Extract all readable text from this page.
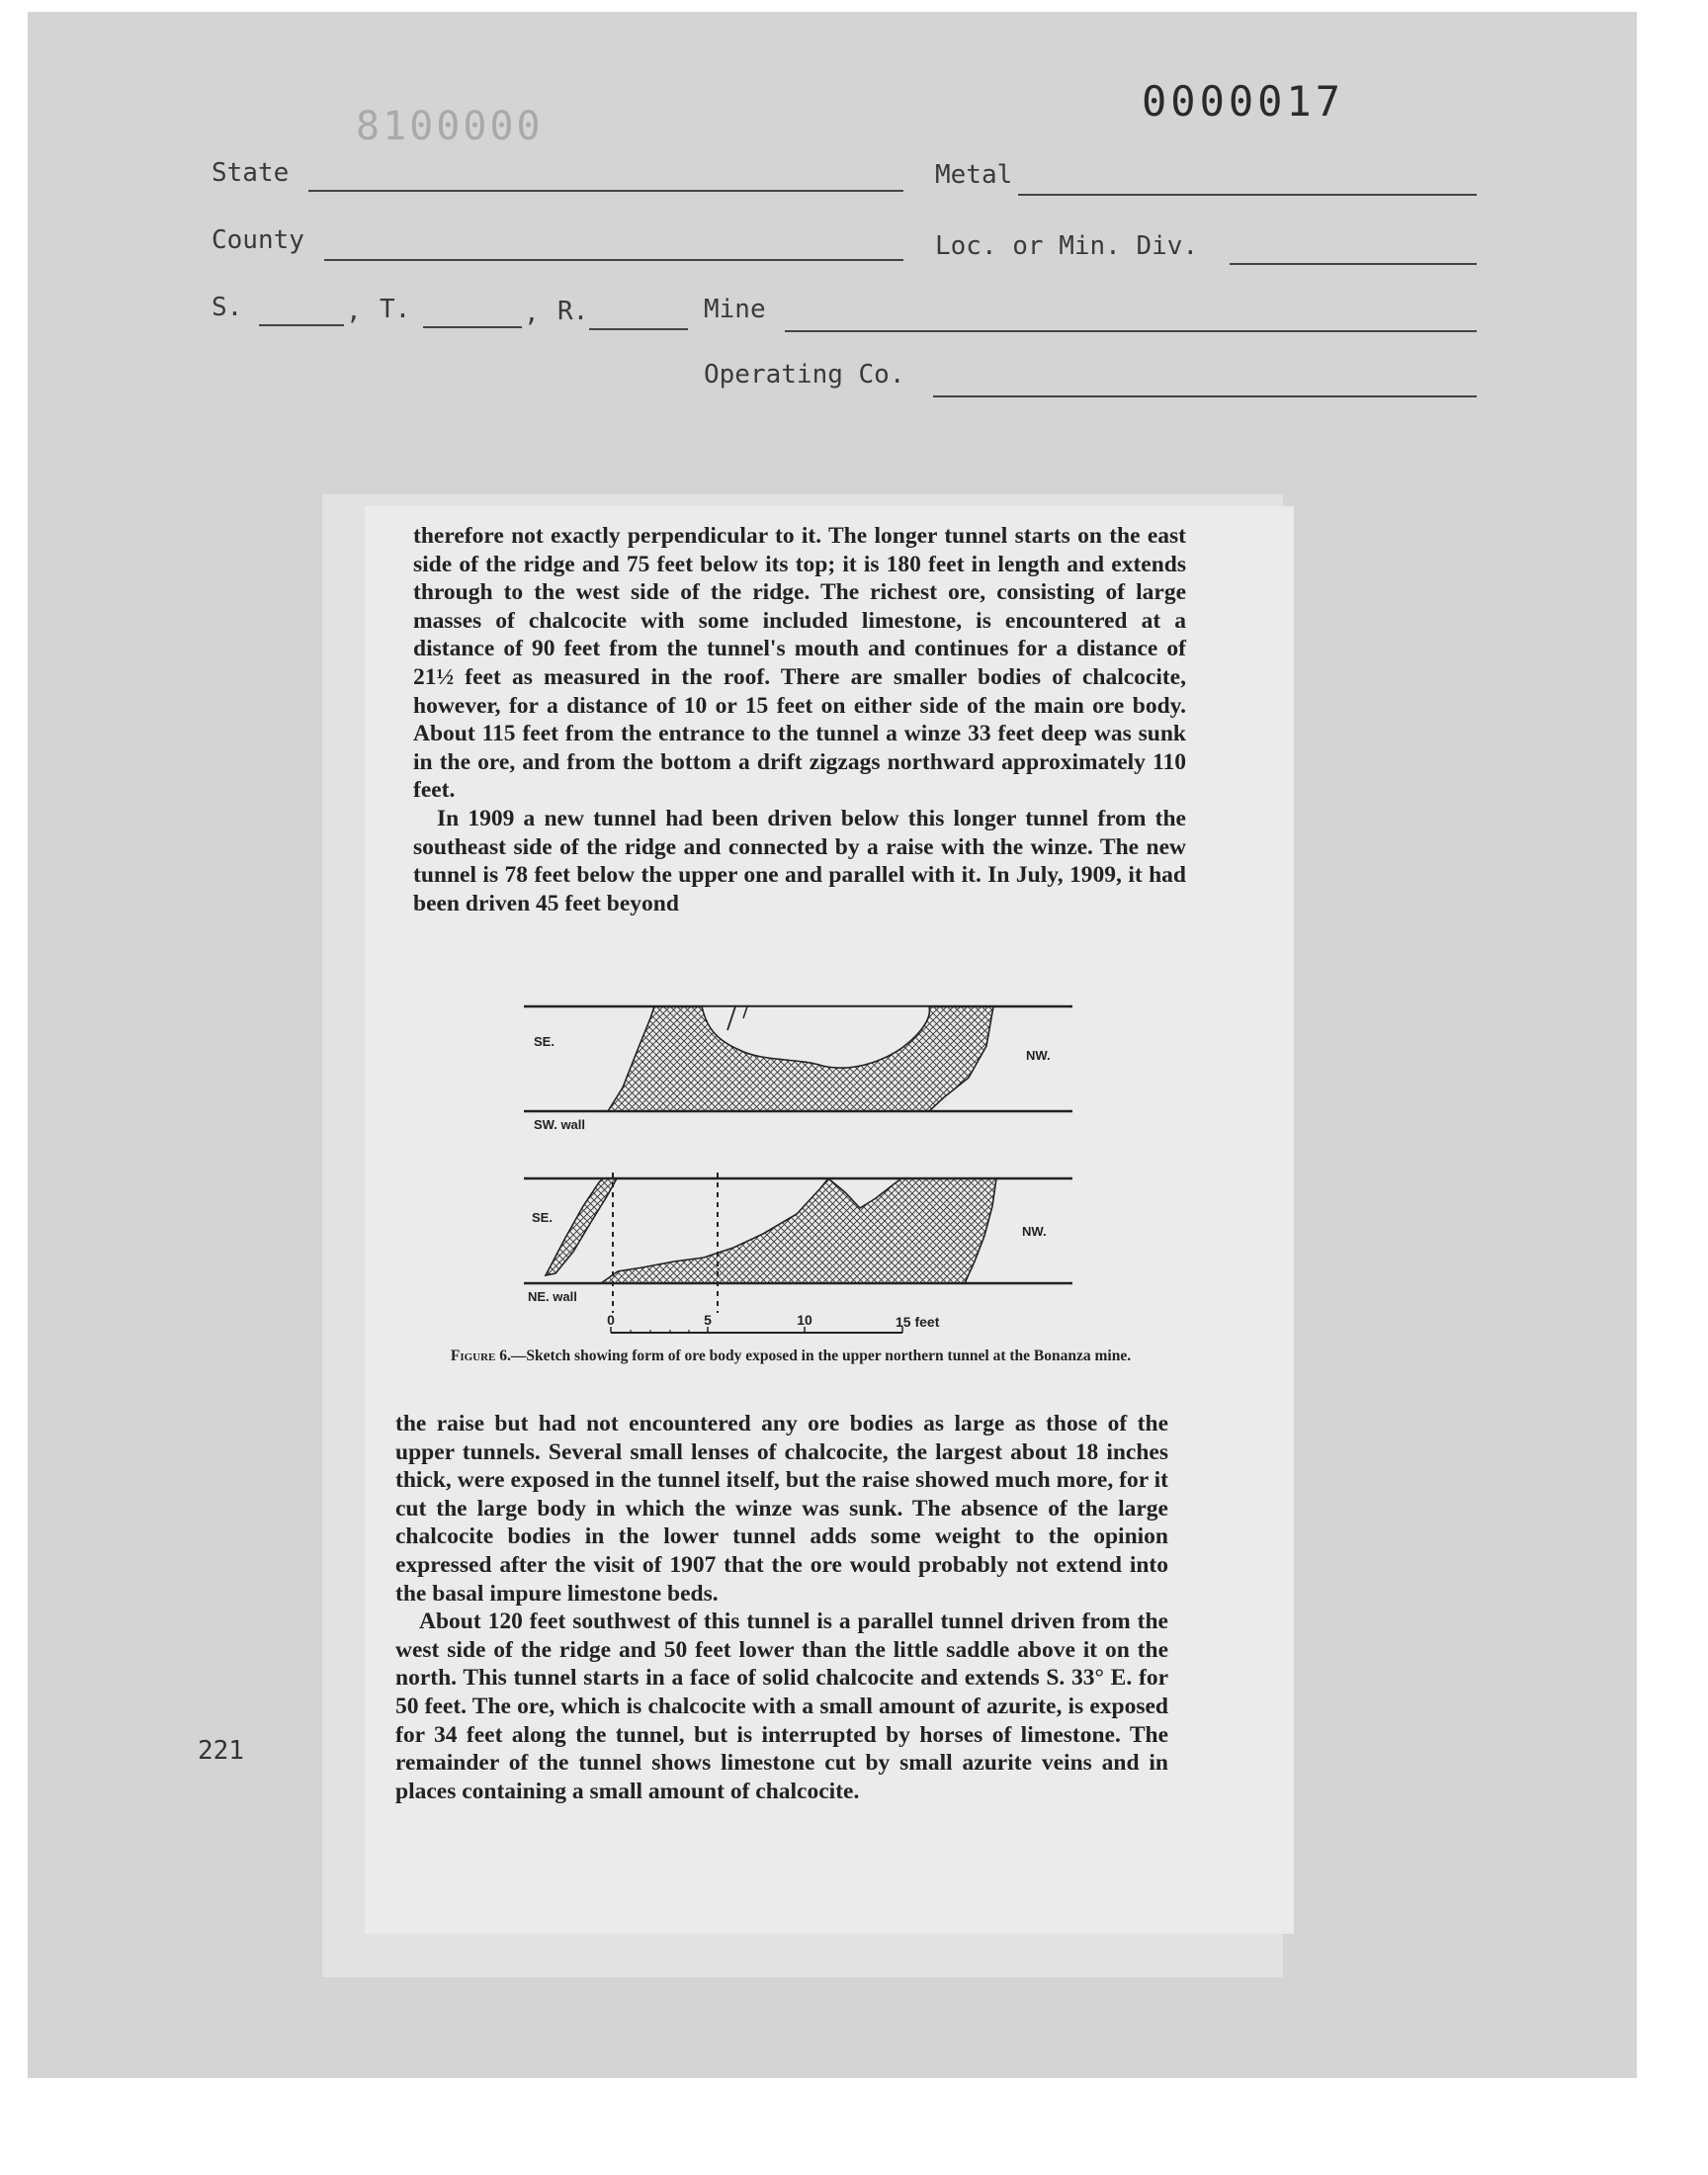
0000017
8100000
State	Metal
County	Loc. or Min. Div.
S.	, T.	, R.	Mine
Operating Co.

therefore not exactly perpendicular to it. The longer tunnel starts on the east side of the ridge and 75 feet below its top; it is 180 feet in length and extends through to the west side of the ridge. The richest ore, consisting of large masses of chalcocite with some included limestone, is encountered at a distance of 90 feet from the tunnel's mouth and continues for a distance of 21½ feet as measured in the roof. There are smaller bodies of chalcocite, however, for a distance of 10 or 15 feet on either side of the main ore body. About 115 feet from the entrance to the tunnel a winze 33 feet deep was sunk in the ore, and from the bottom a drift zigzags northward approximately 110 feet.

In 1909 a new tunnel had been driven below this longer tunnel from the southeast side of the ridge and connected by a raise with the winze. The new tunnel is 78 feet below the upper one and parallel with it. In July, 1909, it had been driven 45 feet beyond

SE.
NW.
SW. wall
SE.
NW.
NE. wall
0	5	10	15 feet
Figure 6.—Sketch showing form of ore body exposed in the upper northern tunnel at the Bonanza mine.

the raise but had not encountered any ore bodies as large as those of the upper tunnels. Several small lenses of chalcocite, the largest about 18 inches thick, were exposed in the tunnel itself, but the raise showed much more, for it cut the large body in which the winze was sunk. The absence of the large chalcocite bodies in the lower tunnel adds some weight to the opinion expressed after the visit of 1907 that the ore would probably not extend into the basal impure limestone beds.

About 120 feet southwest of this tunnel is a parallel tunnel driven from the west side of the ridge and 50 feet lower than the little saddle above it on the north. This tunnel starts in a face of solid chalcocite and extends S. 33° E. for 50 feet. The ore, which is chalcocite with a small amount of azurite, is exposed for 34 feet along the tunnel, but is interrupted by horses of limestone. The remainder of the tunnel shows limestone cut by small azurite veins and in places containing a small amount of chalcocite.

221
